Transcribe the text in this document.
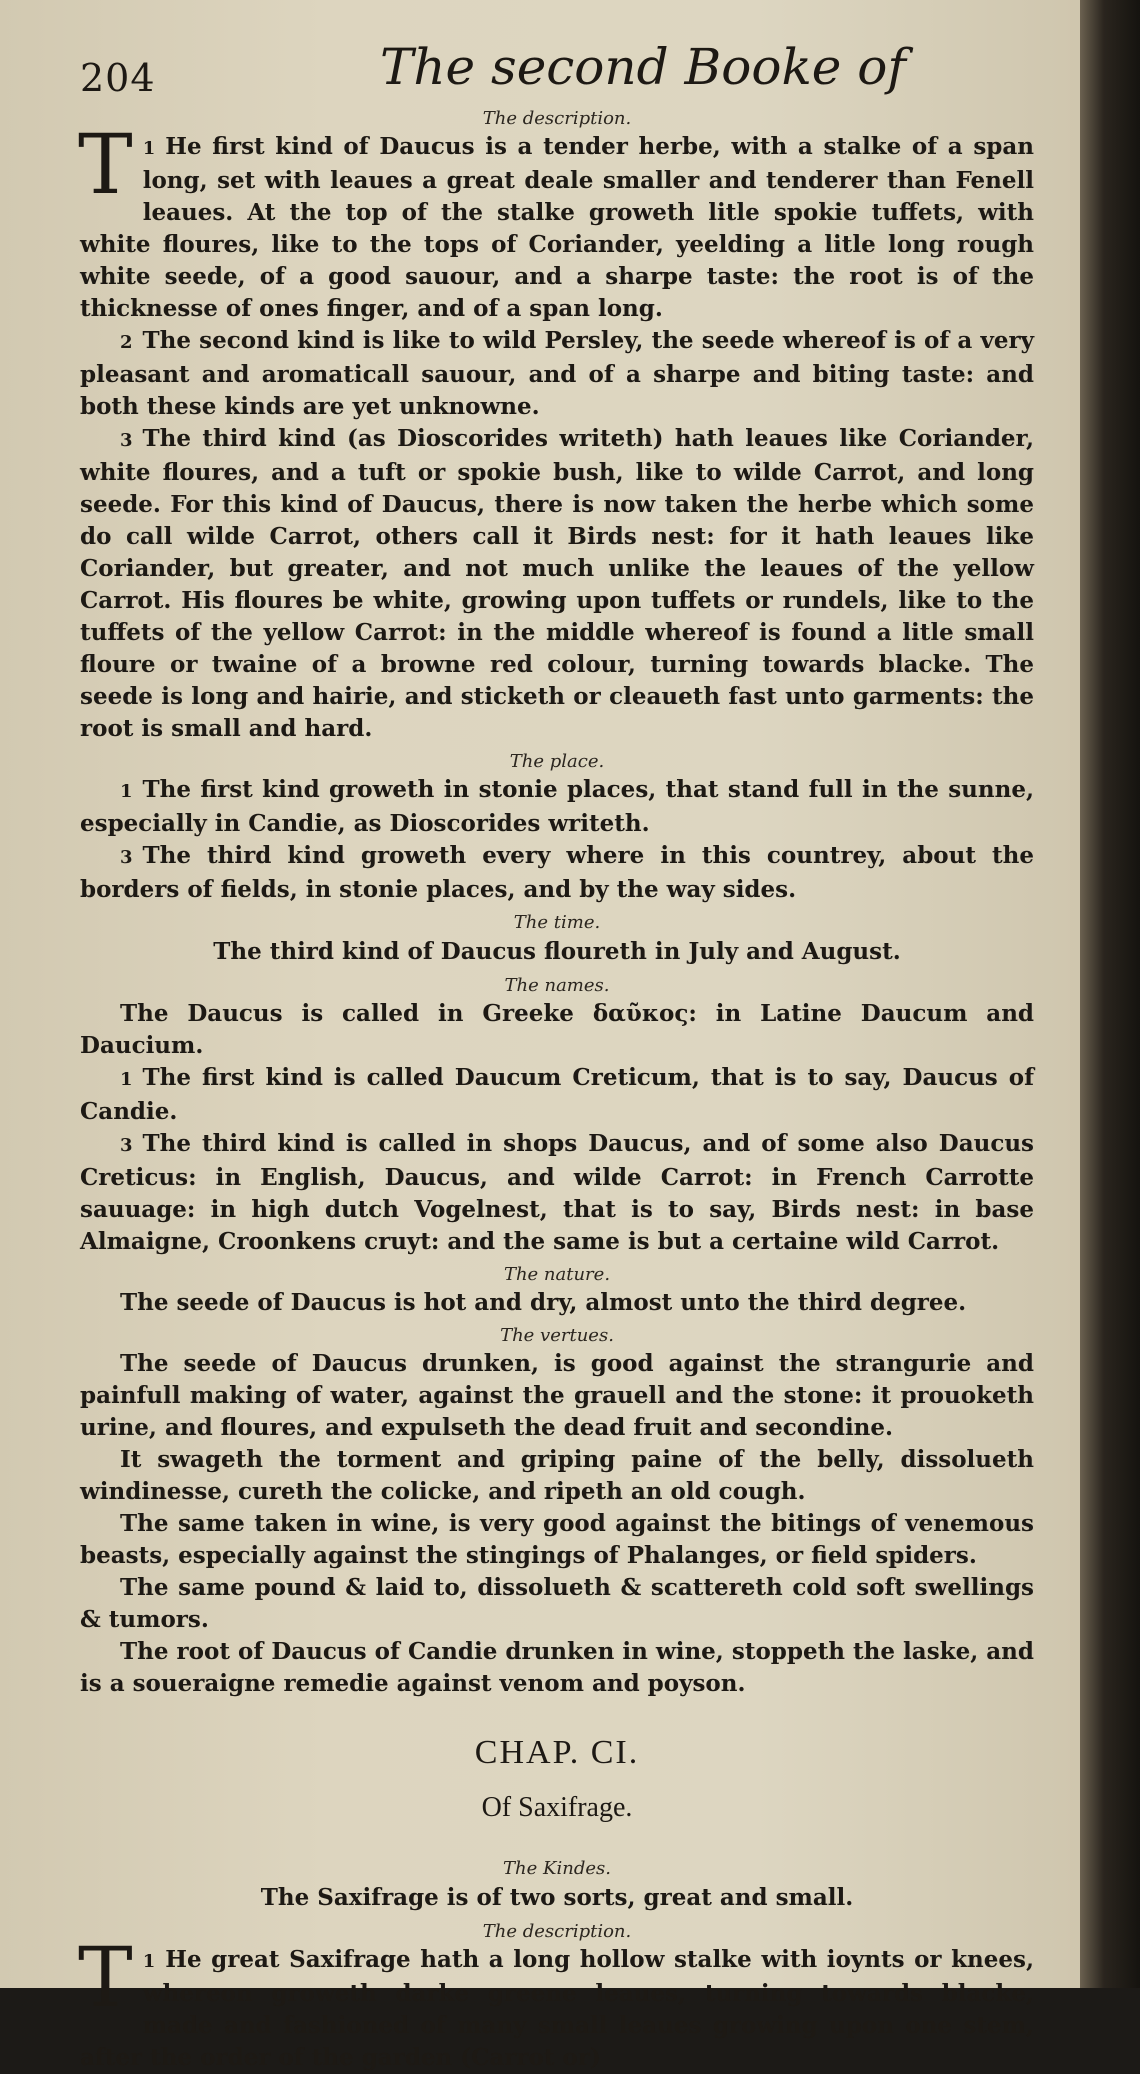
204	The second Booke of
The description.

1
T He first kind of Daucus is a tender herbe, with a stalke of a span long, set with leaues a great deale smaller and tenderer than Fenell leaues. At the top of the stalke groweth litle spokie tuffets, with white floures, like to the tops of Coriander, yeelding a litle long rough white seede, of a good sauour, and a sharpe taste: the root is of the thicknesse of ones finger, and of a span long.

2 The second kind is like to wild Persley, the seede whereof is of a very pleasant and aromaticall sauour, and of a sharpe and biting taste: and both these kinds are yet unknowne.

3 The third kind (as Dioscorides writeth) hath leaues like Coriander, white floures, and a tuft or spokie bush, like to wilde Carrot, and long seede. For this kind of Daucus, there is now taken the herbe which some do call wilde Carrot, others call it Birds nest: for it hath leaues like Coriander, but greater, and not much unlike the leaues of the yellow Carrot. His floures be white, growing upon tuffets or rundels, like to the tuffets of the yellow Carrot: in the middle whereof is found a litle small floure or twaine of a browne red colour, turning towards blacke. The seede is long and hairie, and sticketh or cleaueth fast unto garments: the root is small and hard.

The place.

1 The first kind groweth in stonie places, that stand full in the sunne, especially in Candie, as Dioscorides writeth.

3 The third kind groweth every where in this countrey, about the borders of fields, in stonie places, and by the way sides.

The time.
The third kind of Daucus floureth in July and August.
The names.

The Daucus is called in Greeke δαῦκος: in Latine Daucum and Daucium.

1 The first kind is called Daucum Creticum, that is to say, Daucus of Candie.

3 The third kind is called in shops Daucus, and of some also Daucus Creticus: in English, Daucus, and wilde Carrot: in French Carrotte sauuage: in high dutch Vogelnest, that is to say, Birds nest: in base Almaigne, Croonkens cruyt: and the same is but a certaine wild Carrot.

The nature.

The seede of Daucus is hot and dry, almost unto the third degree.

The vertues.

The seede of Daucus drunken, is good against the strangurie and painfull making of water, against the grauell and the stone: it prouoketh urine, and floures, and expulseth the dead fruit and secondine.

It swageth the torment and griping paine of the belly, dissolueth windinesse, cureth the colicke, and ripeth an old cough.

The same taken in wine, is very good against the bitings of venemous beasts, especially against the stingings of Phalanges, or field spiders.

The same pound & laid to, dissolueth & scattereth cold soft swellings & tumors.

The root of Daucus of Candie drunken in wine, stoppeth the laske, and is a soueraigne remedie against venom and poyson.

CHAP. CI.
Of Saxifrage.
The Kindes.
The Saxifrage is of two sorts, great and small.
The description.

1
T He great Saxifrage hath a long hollow stalke with ioynts or knees, whereon groweth darke greene leaues, turning towards blacke, made and fashioned of many small leaues growing upon one stem, after the order of the garden (Carrot or)
